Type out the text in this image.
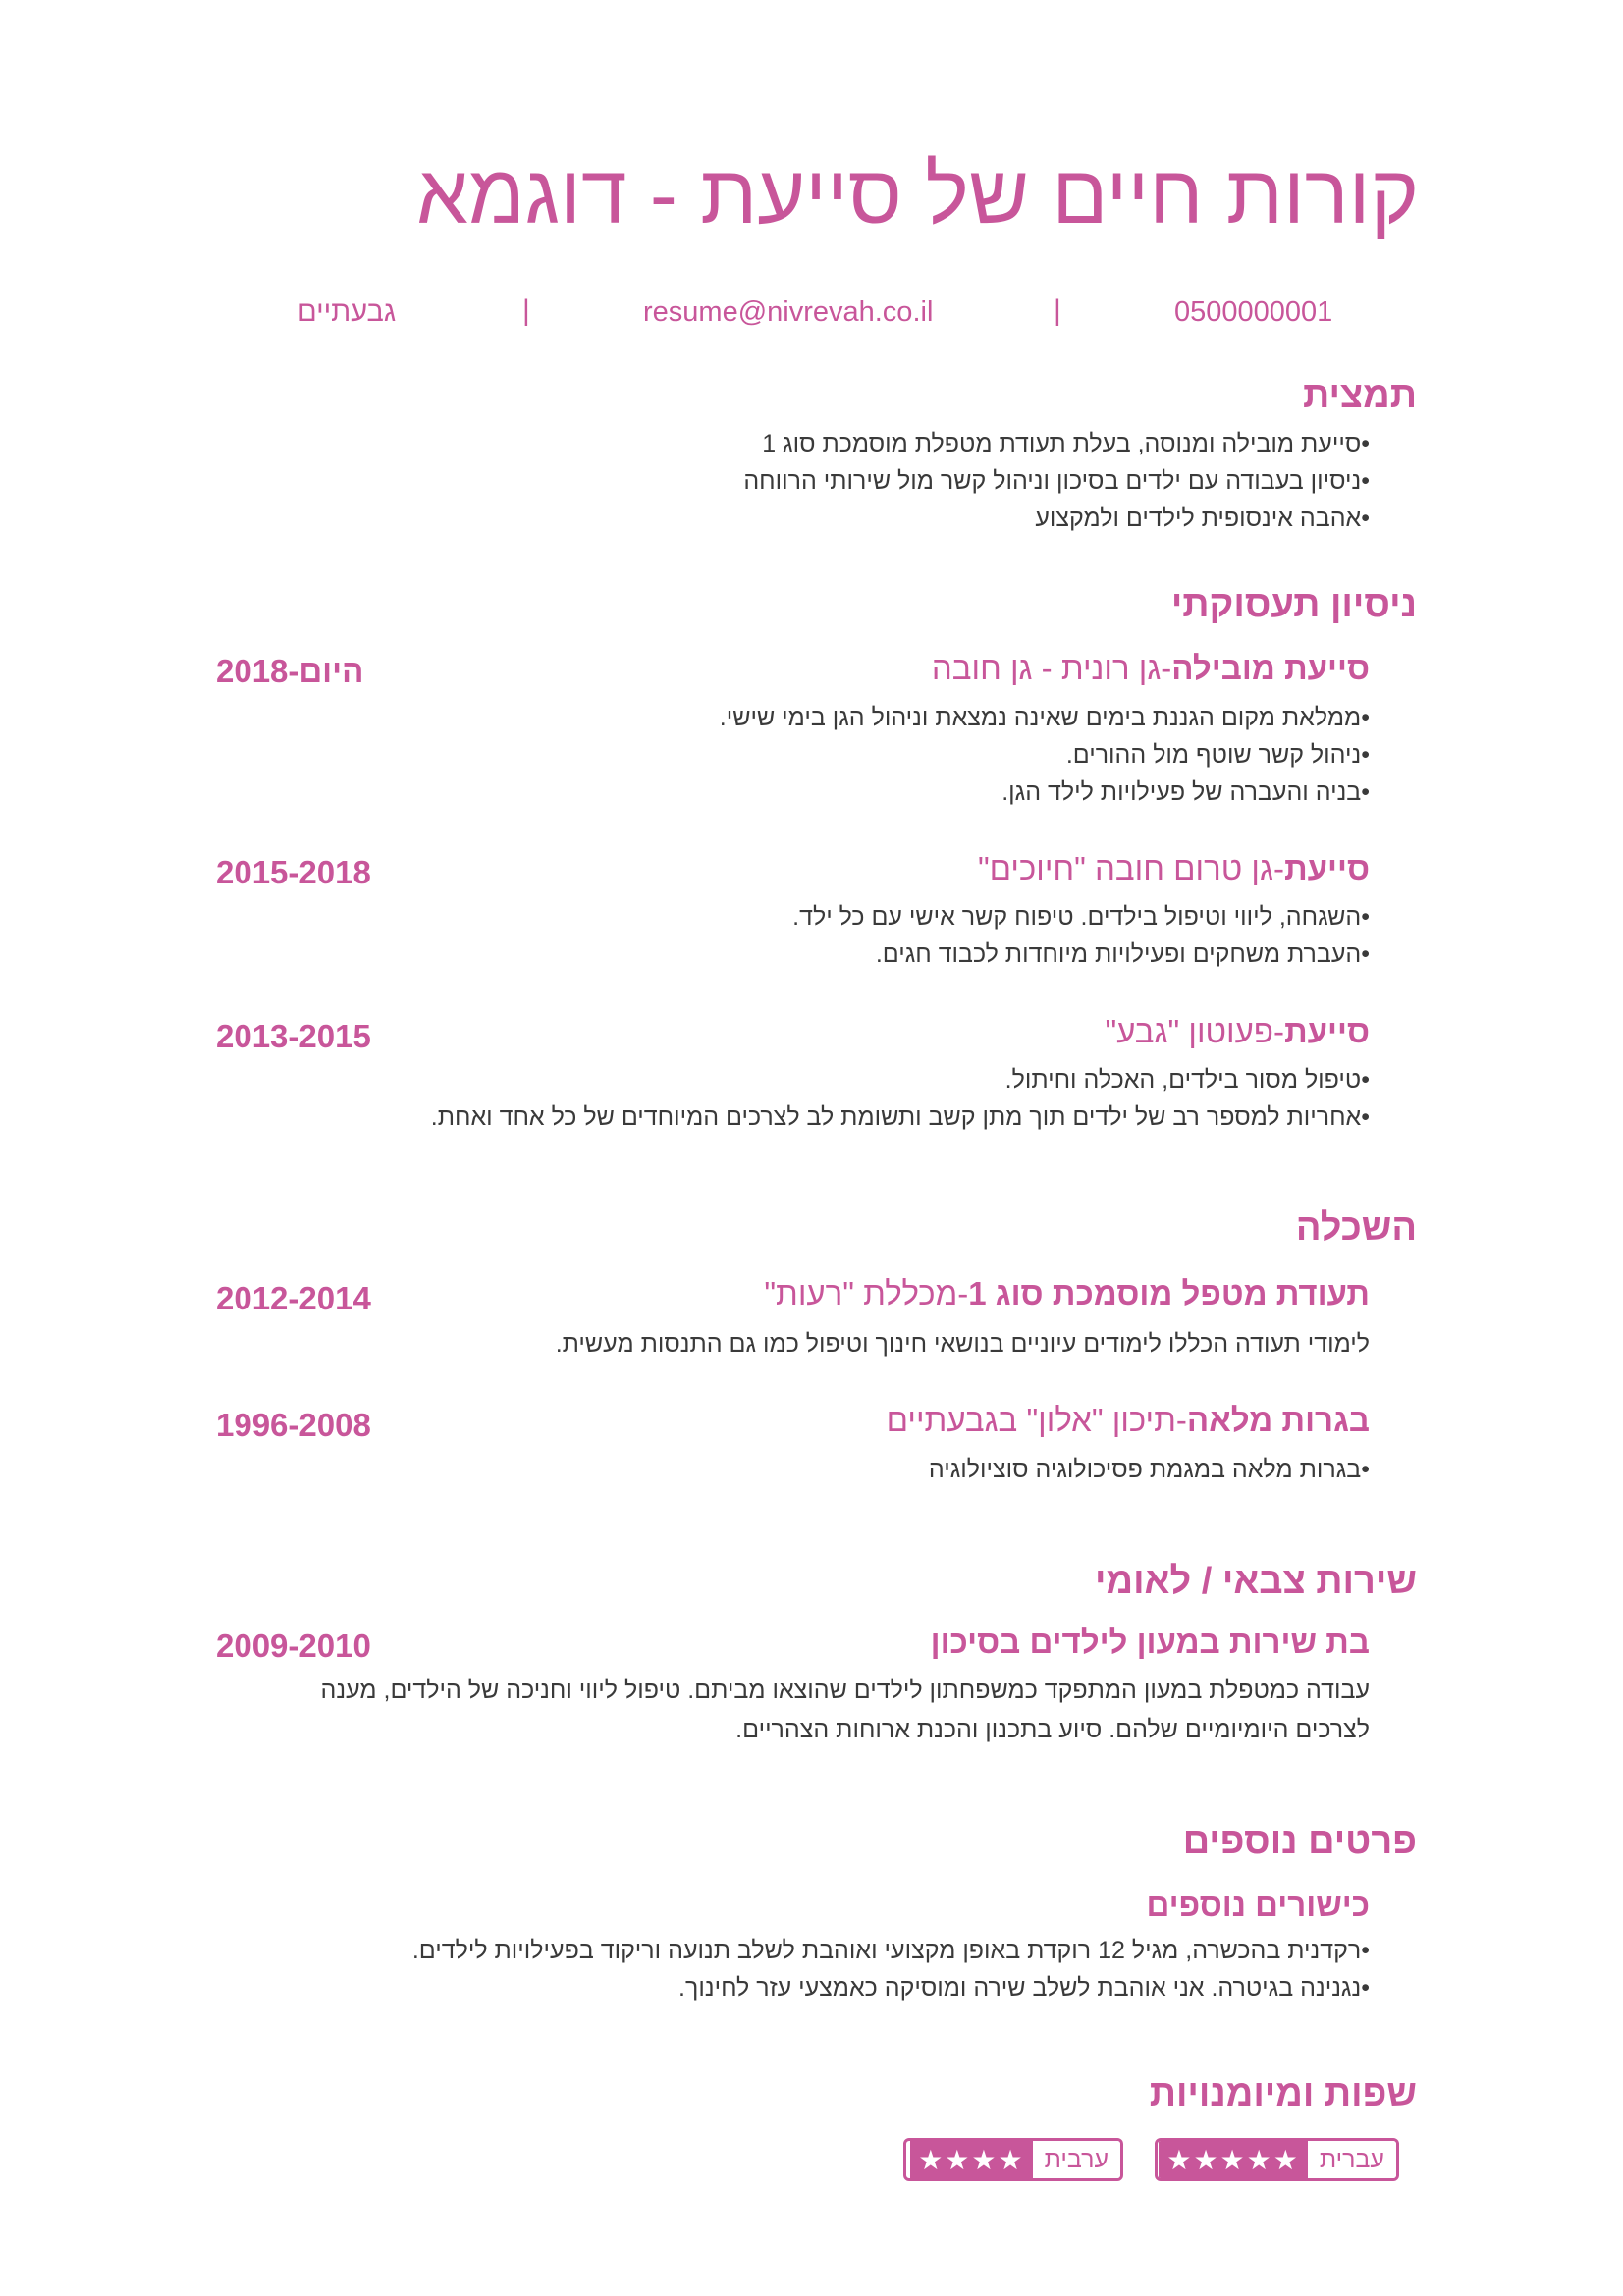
קורות חיים של סייעת - דוגמא
גבעתיים	|	resume@nivrevah.co.il	|	0500000001
תמצית
•סייעת מובילה ומנוסה, בעלת תעודת מטפלת מוסמכת סוג 1
•ניסיון בעבודה עם ילדים בסיכון וניהול קשר מול שירותי הרווחה
•אהבה אינסופית לילדים ולמקצוע
ניסיון תעסוקתי
סייעת מובילה-גן רונית - גן חובה
2018-היום
•ממלאת מקום הגננת בימים שאינה נמצאת וניהול הגן בימי שישי.
•ניהול קשר שוטף מול ההורים.
•בניה והעברה של פעילויות לילד הגן.
סייעת-גן טרום חובה "חיוכים"
2015-2018
•השגחה, ליווי וטיפול בילדים. טיפוח קשר אישי עם כל ילד.
•העברת משחקים ופעילויות מיוחדות לכבוד חגים.
סייעת-פעוטון "גבע"
2013-2015
•טיפול מסור בילדים, האכלה וחיתול.
•אחריות למספר רב של ילדים תוך מתן קשב ותשומת לב לצרכים המיוחדים של כל אחד ואחת.
השכלה
תעודת מטפל מוסמכת סוג 1-מכללת "רעות"
2012-2014
לימודי תעודה הכללו לימודים עיוניים בנושאי חינוך וטיפול כמו גם התנסות מעשית.
בגרות מלאה-תיכון "אלון" בגבעתיים
1996-2008
•בגרות מלאה במגמת פסיכולוגיה סוציולוגיה
שירות צבאי / לאומי
בת שירות במעון לילדים בסיכון
2009-2010
עבודה כמטפלת במעון המתפקד כמשפחתון לילדים שהוצאו מביתם. טיפול ליווי וחניכה של הילדים, מענה לצרכים היומיומיים שלהם. סיוע בתכנון והכנת ארוחות הצהריים.
פרטים נוספים
כישורים נוספים
•רקדנית בהכשרה, מגיל 12 רוקדת באופן מקצועי ואוהבת לשלב תנועה וריקוד בפעילויות לילדים.
•נגנינה בגיטרה. אני אוהבת לשלב שירה ומוסיקה כאמצעי עזר לחינוך.
שפות ומיומנויות
עברית
★★★★★
ערבית
★★★★
